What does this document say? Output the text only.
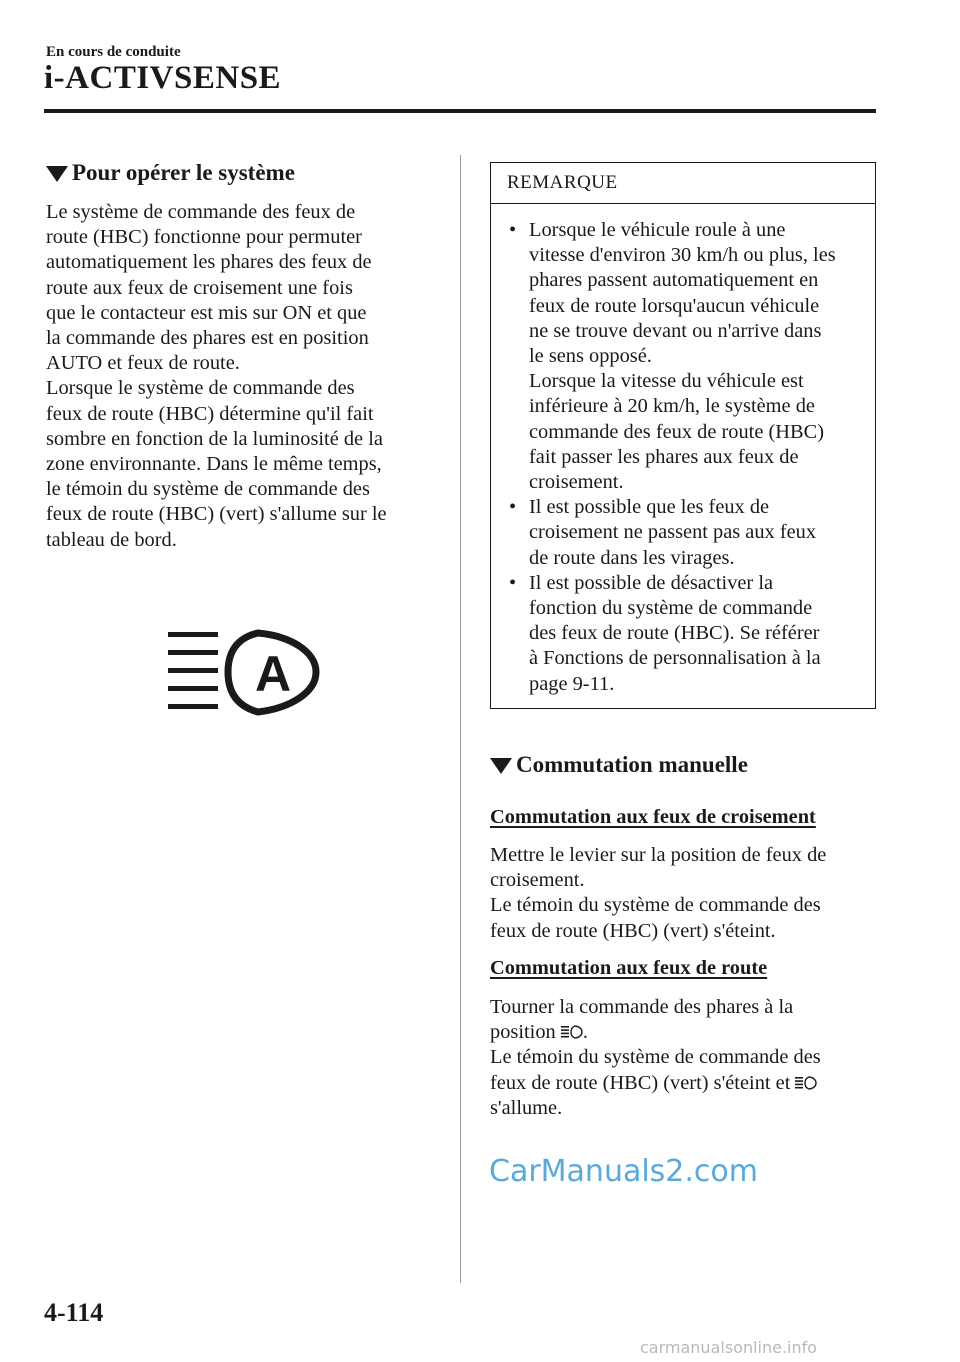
En cours de conduite
i-ACTIVSENSE
Pour opérer le système

Le système de commande des feux de

route (HBC) fonctionne pour permuter

automatiquement les phares des feux de

route aux feux de croisement une fois

que le contacteur est mis sur ON et que

la commande des phares est en position

AUTO et feux de route.

Lorsque le système de commande des

feux de route (HBC) détermine qu'il fait

sombre en fonction de la luminosité de la

zone environnante. Dans le même temps,

le témoin du système de commande des

feux de route (HBC) (vert) s'allume sur le

tableau de bord.

A
REMARQUE
• Lorsque le véhicule roule à une
vitesse d'environ 30 km/h ou plus, les
phares passent automatiquement en
feux de route lorsqu'aucun véhicule
ne se trouve devant ou n'arrive dans
le sens opposé.
Lorsque la vitesse du véhicule est
inférieure à 20 km/h, le système de
commande des feux de route (HBC)
fait passer les phares aux feux de
croisement.
• Il est possible que les feux de
croisement ne passent pas aux feux
de route dans les virages.
• Il est possible de désactiver la
fonction du système de commande
des feux de route (HBC). Se référer
à Fonctions de personnalisation à la
page 9-11.
Commutation manuelle
Commutation aux feux de croisement

Mettre le levier sur la position de feux de

croisement.

Le témoin du système de commande des

feux de route (HBC) (vert) s'éteint.

Commutation aux feux de route

Tourner la commande des phares à la

position .

Le témoin du système de commande des

feux de route (HBC) (vert) s'éteint et

s'allume.

4-114
CarManuals2.com
carmanualsonline.info
